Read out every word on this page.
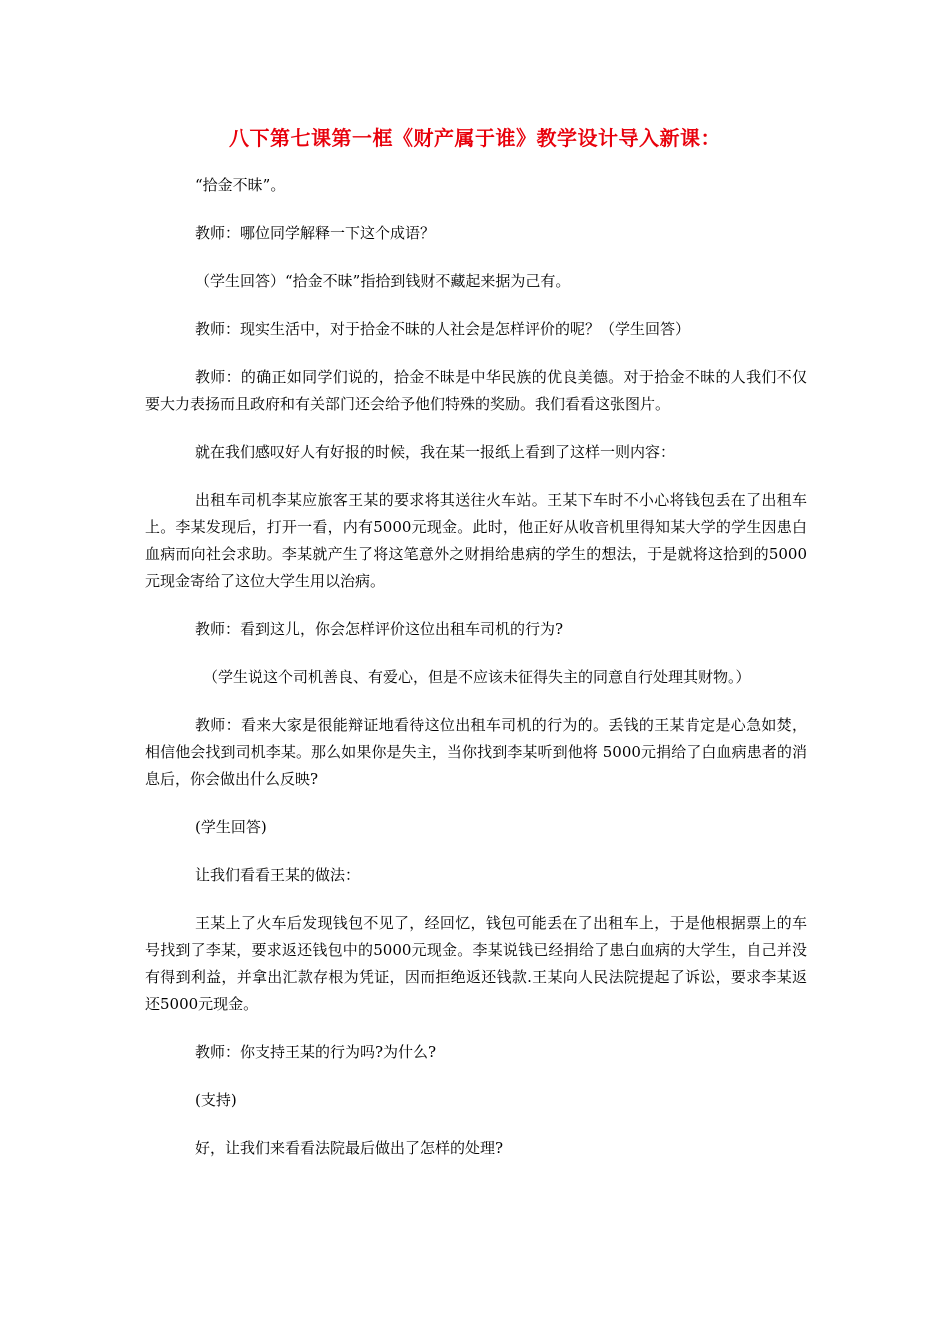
八下第七课第一框《财产属于谁》教学设计导入新课：

“拾金不昧”。

教师：哪位同学解释一下这个成语？

（学生回答）“拾金不昧”指拾到钱财不藏起来据为己有。

教师：现实生活中，对于拾金不昧的人社会是怎样评价的呢？（学生回答）

教师：的确正如同学们说的，拾金不昧是中华民族的优良美德。对于拾金不昧的人我们不仅要大力表扬而且政府和有关部门还会给予他们特殊的奖励。我们看看这张图片。

就在我们感叹好人有好报的时候，我在某一报纸上看到了这样一则内容：

出租车司机李某应旅客王某的要求将其送往火车站。王某下车时不小心将钱包丢在了出租车上。李某发现后，打开一看，内有5000元现金。此时，他正好从收音机里得知某大学的学生因患白血病而向社会求助。李某就产生了将这笔意外之财捐给患病的学生的想法，于是就将这拾到的5000元现金寄给了这位大学生用以治病。

教师：看到这儿，你会怎样评价这位出租车司机的行为?

（学生说这个司机善良、有爱心，但是不应该未征得失主的同意自行处理其财物。）

教师：看来大家是很能辩证地看待这位出租车司机的行为的。丢钱的王某肯定是心急如焚，相信他会找到司机李某。那么如果你是失主，当你找到李某听到他将 5000元捐给了白血病患者的消息后，你会做出什么反映?

(学生回答)

让我们看看王某的做法：

王某上了火车后发现钱包不见了，经回忆，钱包可能丢在了出租车上，于是他根据票上的车号找到了李某，要求返还钱包中的5000元现金。李某说钱已经捐给了患白血病的大学生，自己并没有得到利益，并拿出汇款存根为凭证，因而拒绝返还钱款.王某向人民法院提起了诉讼，要求李某返还5000元现金。

教师：你支持王某的行为吗?为什么?

(支持)

好，让我们来看看法院最后做出了怎样的处理?
